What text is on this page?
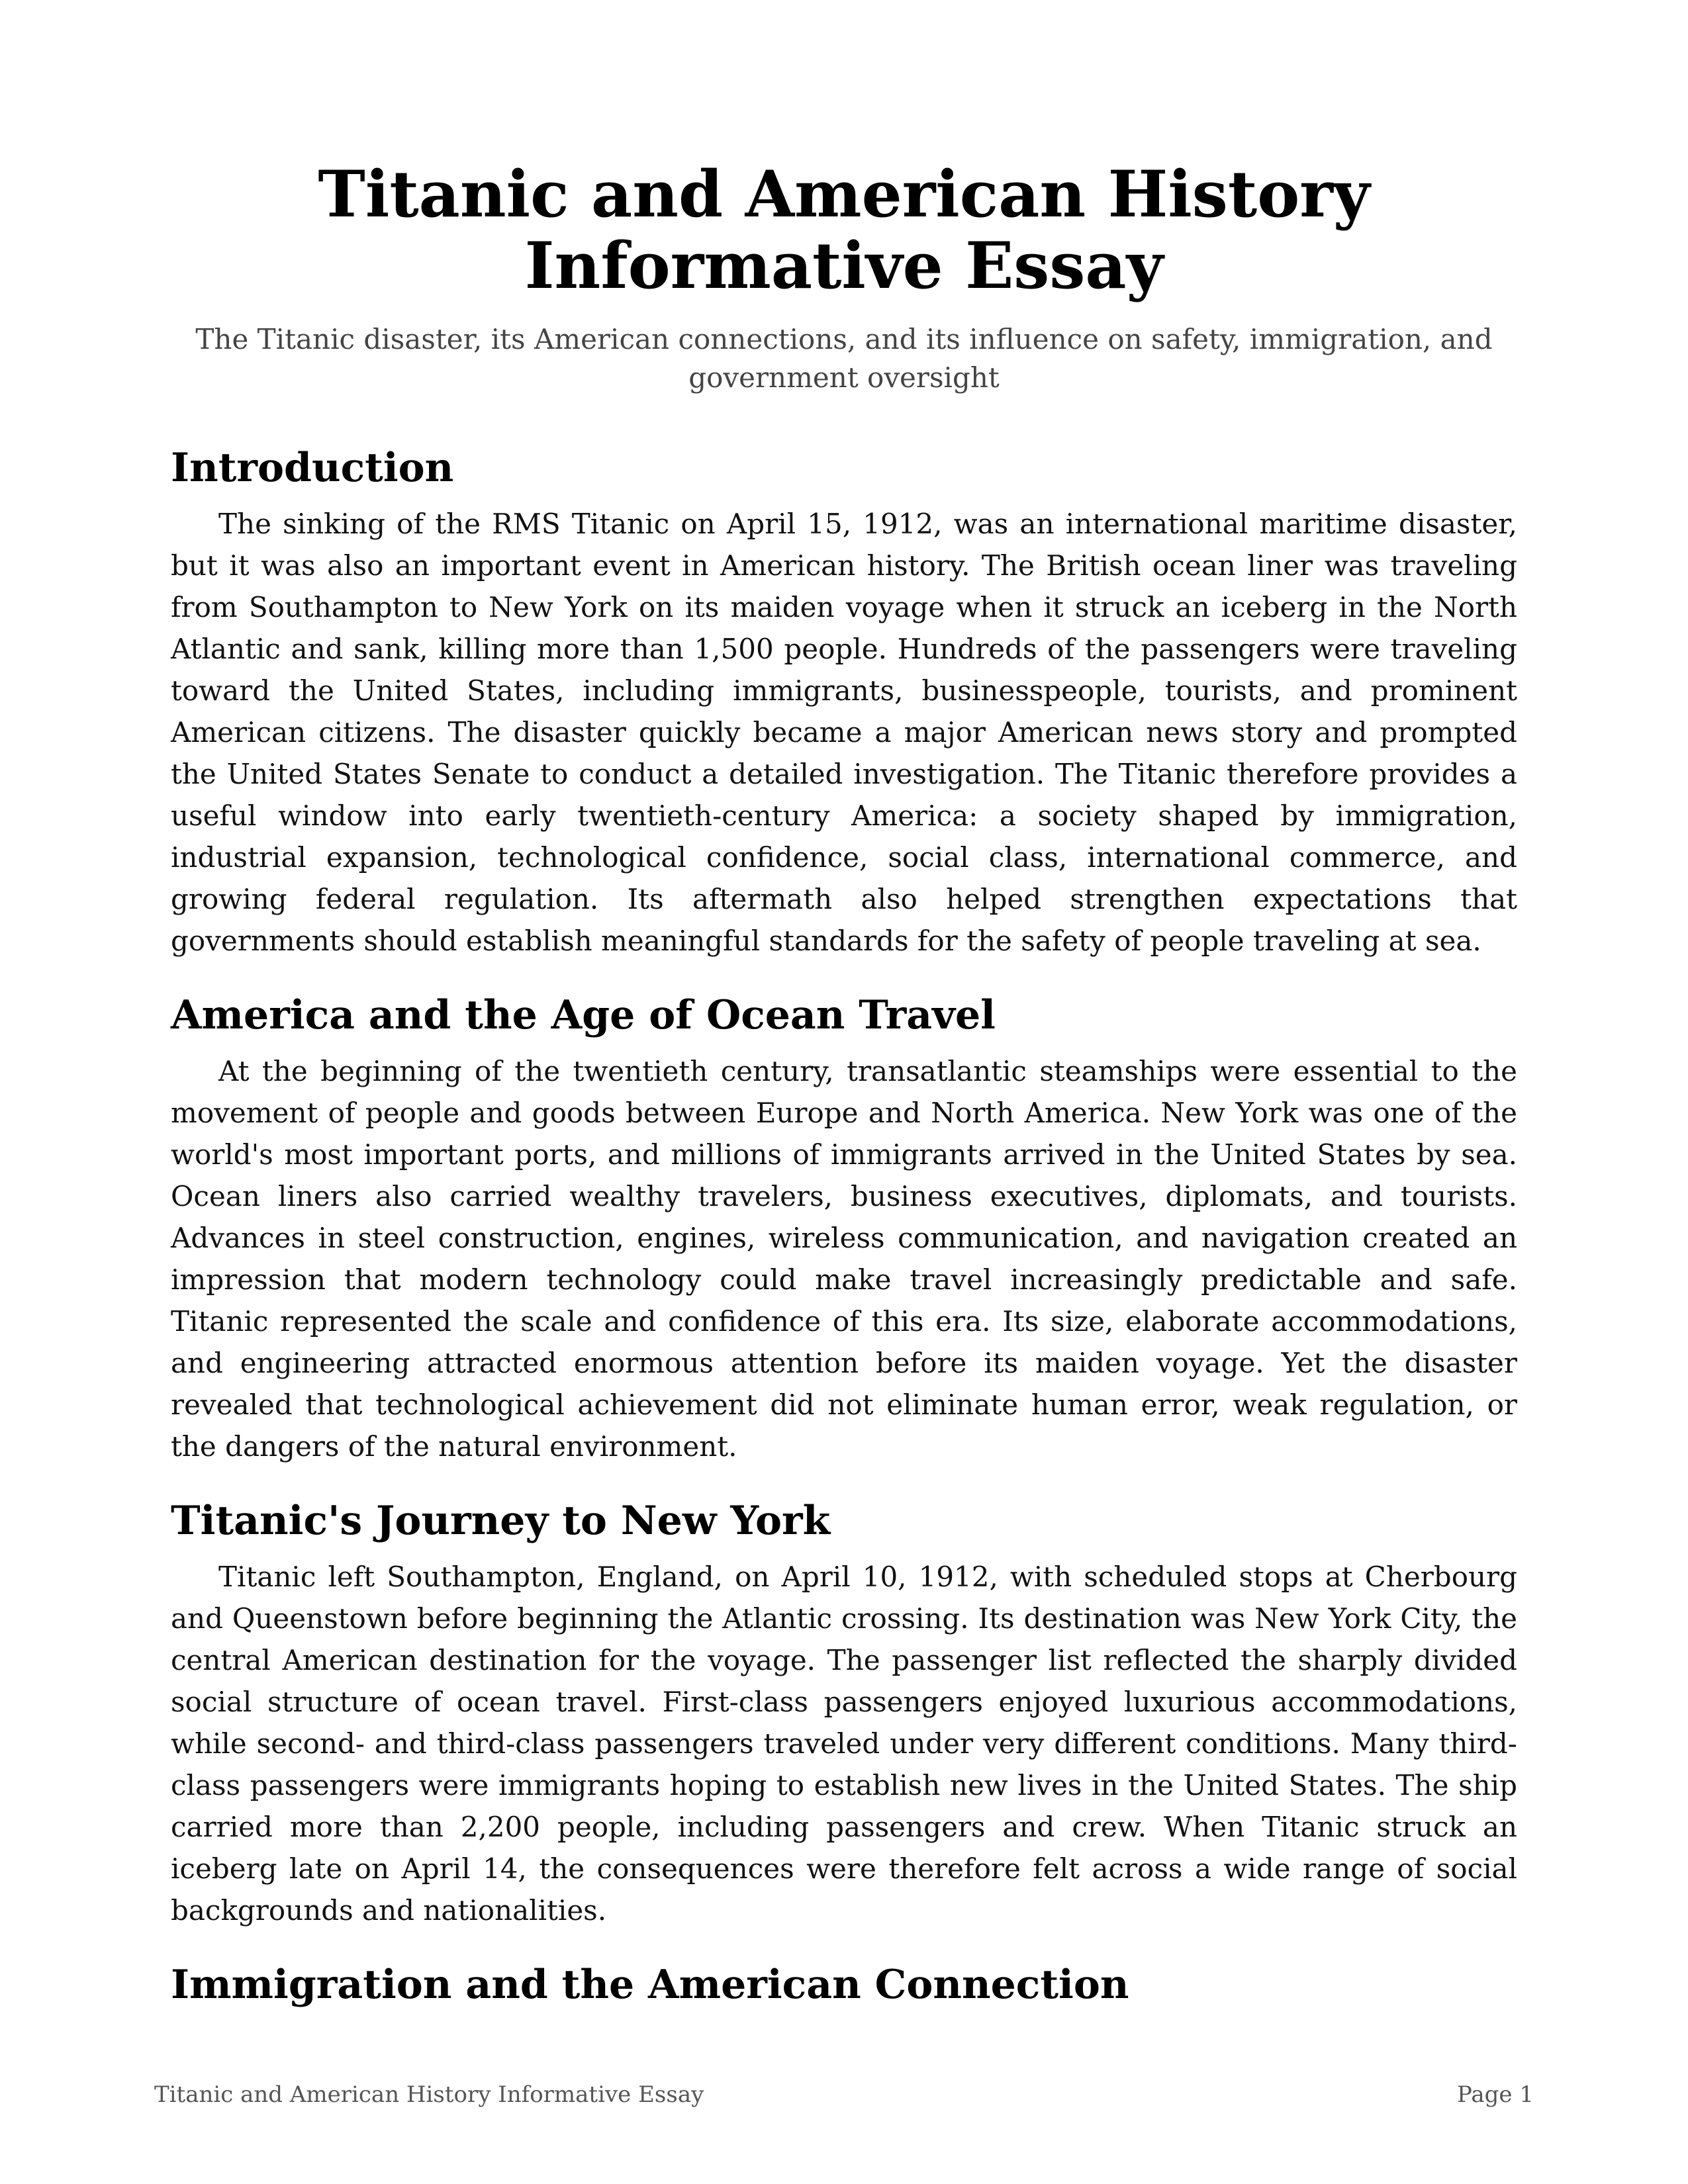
Titanic and American History
Informative Essay
The Titanic disaster, its American connections, and its influence on safety, immigration, and government oversight
Introduction

The sinking of the RMS Titanic on April 15, 1912, was an international maritime disaster, but it was also an important event in American history. The British ocean liner was traveling from Southampton to New York on its maiden voyage when it struck an iceberg in the North Atlantic and sank, killing more than 1,500 people. Hundreds of the passengers were traveling toward the United States, including immigrants, businesspeople, tourists, and prominent American citizens. The disaster quickly became a major American news story and prompted the United States Senate to conduct a detailed investigation. The Titanic therefore provides a useful window into early twentieth-century America: a society shaped by immigration, industrial expansion, technological confidence, social class, international commerce, and growing federal regulation. Its aftermath also helped strengthen expectations that governments should establish meaningful standards for the safety of people traveling at sea.

America and the Age of Ocean Travel

At the beginning of the twentieth century, transatlantic steamships were essential to the movement of people and goods between Europe and North America. New York was one of the world's most important ports, and millions of immigrants arrived in the United States by sea. Ocean liners also carried wealthy travelers, business executives, diplomats, and tourists. Advances in steel construction, engines, wireless communication, and navigation created an impression that modern technology could make travel increasingly predictable and safe. Titanic represented the scale and confidence of this era. Its size, elaborate accommodations, and engineering attracted enormous attention before its maiden voyage. Yet the disaster revealed that technological achievement did not eliminate human error, weak regulation, or the dangers of the natural environment.

Titanic's Journey to New York

Titanic left Southampton, England, on April 10, 1912, with scheduled stops at Cherbourg and Queenstown before beginning the Atlantic crossing. Its destination was New York City, the central American destination for the voyage. The passenger list reflected the sharply divided social structure of ocean travel. First-class passengers enjoyed luxurious accommodations, while second- and third-class passengers traveled under very different conditions. Many third-class passengers were immigrants hoping to establish new lives in the United States. The ship carried more than 2,200 people, including passengers and crew. When Titanic struck an iceberg late on April 14, the consequences were therefore felt across a wide range of social backgrounds and nationalities.

Immigration and the American Connection
Titanic and American History Informative Essay	Page 1
